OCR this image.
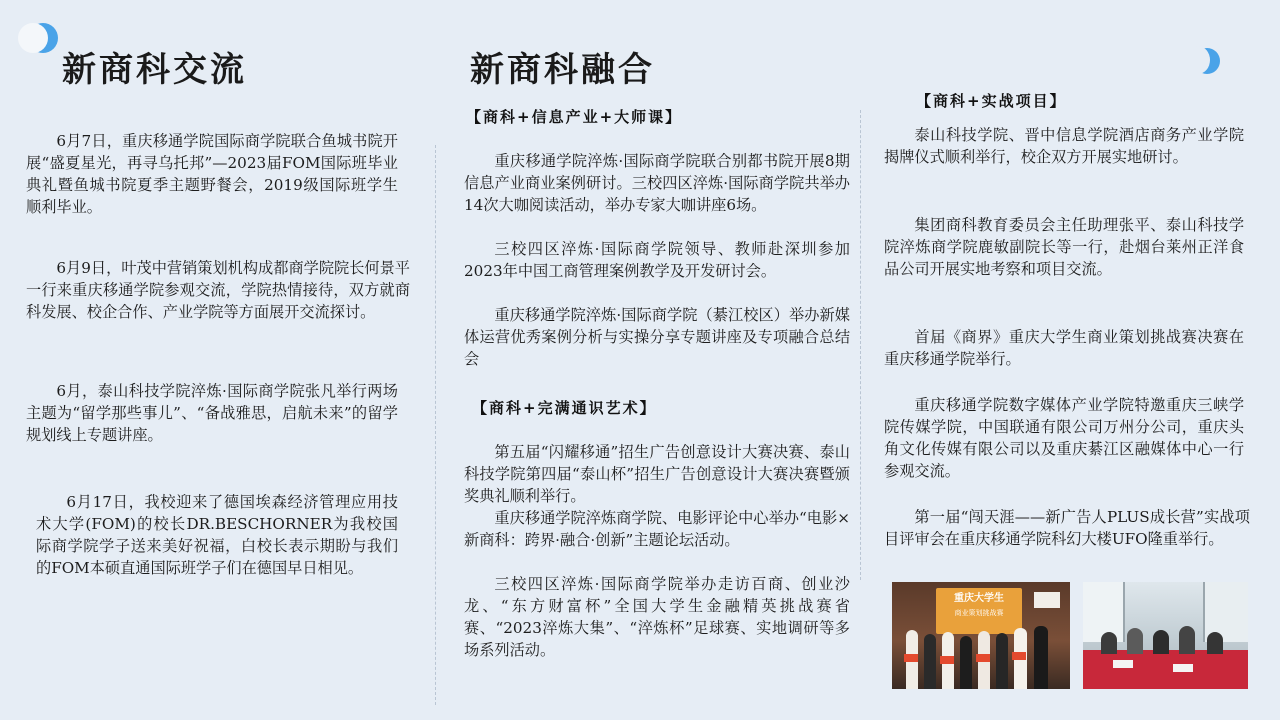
新商科交流

6月7日，重庆移通学院国际商学院联合鱼城书院开展“盛夏星光，再寻乌托邦”—2023届FOM国际班毕业典礼暨鱼城书院夏季主题野餐会，2019级国际班学生顺利毕业。

6月9日，叶茂中营销策划机构成都商学院院长何景平一行来重庆移通学院参观交流，学院热情接待，双方就商科发展、校企合作、产业学院等方面展开交流探讨。

6月，泰山科技学院淬炼·国际商学院张凡举行两场主题为“留学那些事儿”、“备战雅思，启航未来”的留学规划线上专题讲座。

6月17日，我校迎来了德国埃森经济管理应用技术大学(FOM)的校长DR.BESCHORNER为我校国际商学院学子送来美好祝福，白校长表示期盼与我们的FOM本硕直通国际班学子们在德国早日相见。

新商科融合

【商科+信息产业+大师课】

重庆移通学院淬炼·国际商学院联合别都书院开展8期信息产业商业案例研讨。三校四区淬炼·国际商学院共举办14次大咖阅读活动，举办专家大咖讲座6场。

三校四区淬炼·国际商学院领导、教师赴深圳参加2023年中国工商管理案例教学及开发研讨会。

重庆移通学院淬炼·国际商学院（綦江校区）举办新媒体运营优秀案例分析与实操分享专题讲座及专项融合总结会

【商科+完满通识艺术】

第五届“闪耀移通”招生广告创意设计大赛决赛、泰山科技学院第四届“泰山杯”招生广告创意设计大赛决赛暨颁奖典礼顺利举行。

重庆移通学院淬炼商学院、电影评论中心举办“电影×新商科：跨界·融合·创新”主题论坛活动。

三校四区淬炼·国际商学院举办走访百商、创业沙龙、“东方财富杯”全国大学生金融精英挑战赛省赛、“2023淬炼大集”、“淬炼杯”足球赛、实地调研等多场系列活动。

【商科+实战项目】

泰山科技学院、晋中信息学院酒店商务产业学院揭牌仪式顺利举行，校企双方开展实地研讨。

集团商科教育委员会主任助理张平、泰山科技学院淬炼商学院鹿敏副院长等一行，赴烟台莱州正洋食品公司开展实地考察和项目交流。

首届《商界》重庆大学生商业策划挑战赛决赛在重庆移通学院举行。

重庆移通学院数字媒体产业学院特邀重庆三峡学院传媒学院，中国联通有限公司万州分公司，重庆头角文化传媒有限公司以及重庆綦江区融媒体中心一行参观交流。

第一届“闯天涯——新广告人PLUS成长营”实战项目评审会在重庆移通学院科幻大楼UFO隆重举行。

重庆大学生
商业策划挑战赛
